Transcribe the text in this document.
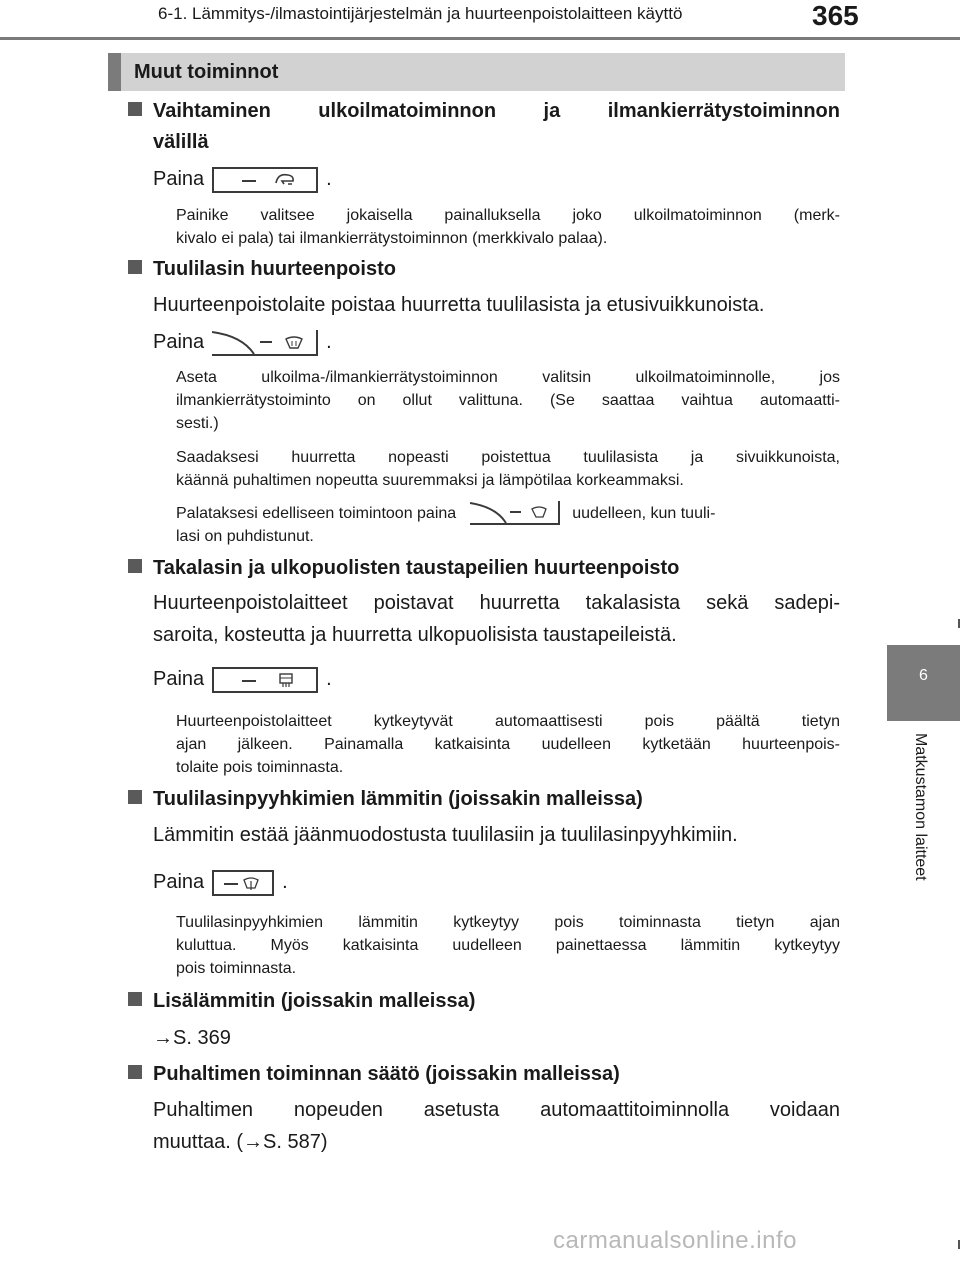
6-1. Lämmitys-/ilmastointijärjestelmän ja huurteenpoistolaitteen käyttö	365
Muut toiminnot
6
Matkustamon laitteet
Vaihtaminen ulkoilmatoiminnon ja ilmankierrätystoiminnon
välillä
Paina	.
Painike valitsee jokaisella painalluksella joko ulkoilmatoiminnon (merk-
kivalo ei pala) tai ilmankierrätystoiminnon (merkkivalo palaa).
Tuulilasin huurteenpoisto
Huurteenpoistolaite poistaa huurretta tuulilasista ja etusivuikkunoista.
Paina	.
Aseta ulkoilma-/ilmankierrätystoiminnon valitsin ulkoilmatoiminnolle, jos
ilmankierrätystoiminto on ollut valittuna. (Se saattaa vaihtua automaatti-
sesti.)
Saadaksesi huurretta nopeasti poistettua tuulilasista ja sivuikkunoista,
käännä puhaltimen nopeutta suuremmaksi ja lämpötilaa korkeammaksi.
Palataksesi edelliseen toimintoon paina	uudelleen, kun tuuli-
lasi on puhdistunut.
Takalasin ja ulkopuolisten taustapeilien huurteenpoisto
Huurteenpoistolaitteet poistavat huurretta takalasista sekä sadepi-
saroita, kosteutta ja huurretta ulkopuolisista taustapeileistä.
Paina	.
Huurteenpoistolaitteet kytkeytyvät automaattisesti pois päältä tietyn
ajan jälkeen. Painamalla katkaisinta uudelleen kytketään huurteenpois-
tolaite pois toiminnasta.
Tuulilasinpyyhkimien lämmitin (joissakin malleissa)
Lämmitin estää jäänmuodostusta tuulilasiin ja tuulilasinpyyhkimiin.
Paina	.
Tuulilasinpyyhkimien lämmitin kytkeytyy pois toiminnasta tietyn ajan
kuluttua. Myös katkaisinta uudelleen painettaessa lämmitin kytkeytyy
pois toiminnasta.
Lisälämmitin (joissakin malleissa)
→S. 369
Puhaltimen toiminnan säätö (joissakin malleissa)
Puhaltimen nopeuden asetusta automaattitoiminnolla voidaan
muuttaa. (→S. 587)
carmanualsonline.info
